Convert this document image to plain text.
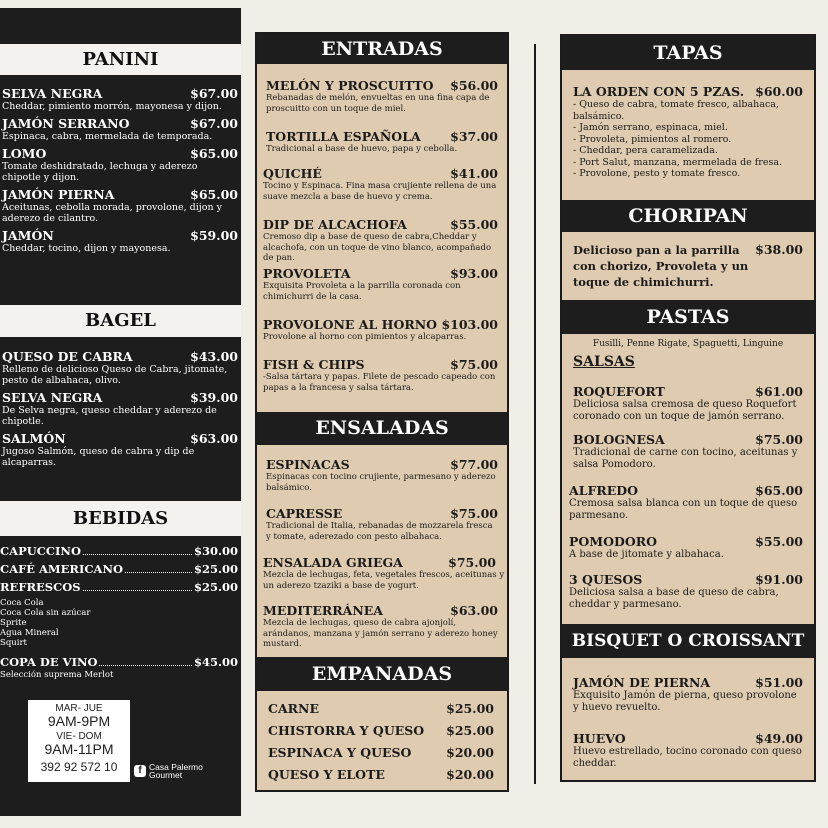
PANINI
SELVA NEGRA	$67.00
Cheddar, pimiento morrón, mayonesa y dijon.
JAMÓN SERRANO	$67.00
Espinaca, cabra, mermelada de temporada.
LOMO	$65.00
Tomate deshidratado, lechuga y aderezo chipotle y dijon.
JAMÓN PIERNA	$65.00
Aceitunas, cebolla morada, provolone, dijon y aderezo de cilantro.
JAMÓN	$59.00
Cheddar, tocino, dijon y mayonesa.
BAGEL
QUESO DE CABRA	$43.00
Relleno de delicioso Queso de Cabra, jitomate, pesto de albahaca, olivo.
SELVA NEGRA	$39.00
De Selva negra, queso cheddar y aderezo de chipotle.
SALMÓN	$63.00
Jugoso Salmón, queso de cabra y dip de alcaparras.
BEBIDAS
CAPUCCINO	$30.00
CAFÉ AMERICANO	$25.00
REFRESCOS	$25.00
Coca Cola
Coca Cola sin azúcar
Sprite
Agua Mineral
Squirt
COPA DE VINO	$45.00
Selección suprema Merlot
MAR- JUE
9AM-9PM
VIE- DOM
9AM-11PM
392 92 572 10	f Casa Palermo
Gourmet
ENTRADAS
MELÓN Y PROSCUITTO $56.00
Rebanadas de melón, envueltas en una fina capa de proscuitto con un toque de miel.
TORTILLA ESPAÑOLA $37.00
Tradicional a base de huevo, papa y cebolla.
QUICHÉ	$41.00
Tocino y Espinaca. Fina masa crujiente rellena de una suave mezcla a base de huevo y crema.
DIP DE ALCACHOFA	$55.00
Cremoso dip a base de queso de cabra,Cheddar y alcachofa, con un toque de vino blanco, acompañado de pan.
PROVOLETA	$93.00
Exquisita Provoleta a la parrilla coronada con chimichurri de la casa.
PROVOLONE AL HORNO $103.00
Provolone al horno con pimientos y alcaparras.
FISH & CHIPS	$75.00
-Salsa tártara y papas. Filete de pescado capeado con papas a la francesa y salsa tártara.
ENSALADAS
ESPINACAS	$77.00
Espinacas con tocino crujiente, parmesano y aderezo balsámico.
CAPRESSE	$75.00
Tradicional de Italia, rebanadas de mozzarela fresca y tomate, aderezado con pesto albahaca.
ENSALADA GRIEGA	$75.00
Mezcla de lechugas, feta, vegetales frescos, aceitunas y un aderezo tzaziki a base de yogurt.
MEDITERRÁNEA	$63.00
Mezcla de lechugas, queso de cabra ajonjolí, arándanos, manzana y jamón serrano y aderezo honey mustard.
EMPANADAS
CARNE	$25.00
CHISTORRA Y QUESO $25.00
ESPINACA Y QUESO	$20.00
QUESO Y ELOTE	$20.00
TAPAS
LA ORDEN CON 5 PZAS. $60.00
- Queso de cabra, tomate fresco, albahaca, balsámico.
- Jamón serrano, espinaca, miel.
- Provoleta, pimientos al romero.
- Cheddar, pera caramelizada.
- Port Salut, manzana, mermelada de fresa.
- Provolone, pesto y tomate fresco.
CHORIPAN
Delicioso pan a la parrilla con chorizo, Provoleta y un toque de chimichurri.
$38.00
PASTAS
Fusilli, Penne Rigate, Spaguetti, Linguine
SALSAS
ROQUEFORT	$61.00
Deliciosa salsa cremosa de queso Roquefort coronado con un toque de jamón serrano.
BOLOGNESA	$75.00
Tradicional de carne con tocino, aceitunas y salsa Pomodoro.
ALFREDO	$65.00
Cremosa salsa blanca con un toque de queso parmesano.
POMODORO	$55.00
A base de jitomate y albahaca.
3 QUESOS	$91.00
Deliciosa salsa a base de queso de cabra, cheddar y parmesano.
BISQUET O CROISSANT
JAMÓN DE PIERNA	$51.00
Exquisito Jamón de pierna, queso provolone y huevo revuelto.
HUEVO	$49.00
Huevo estrellado, tocino coronado con queso cheddar.
